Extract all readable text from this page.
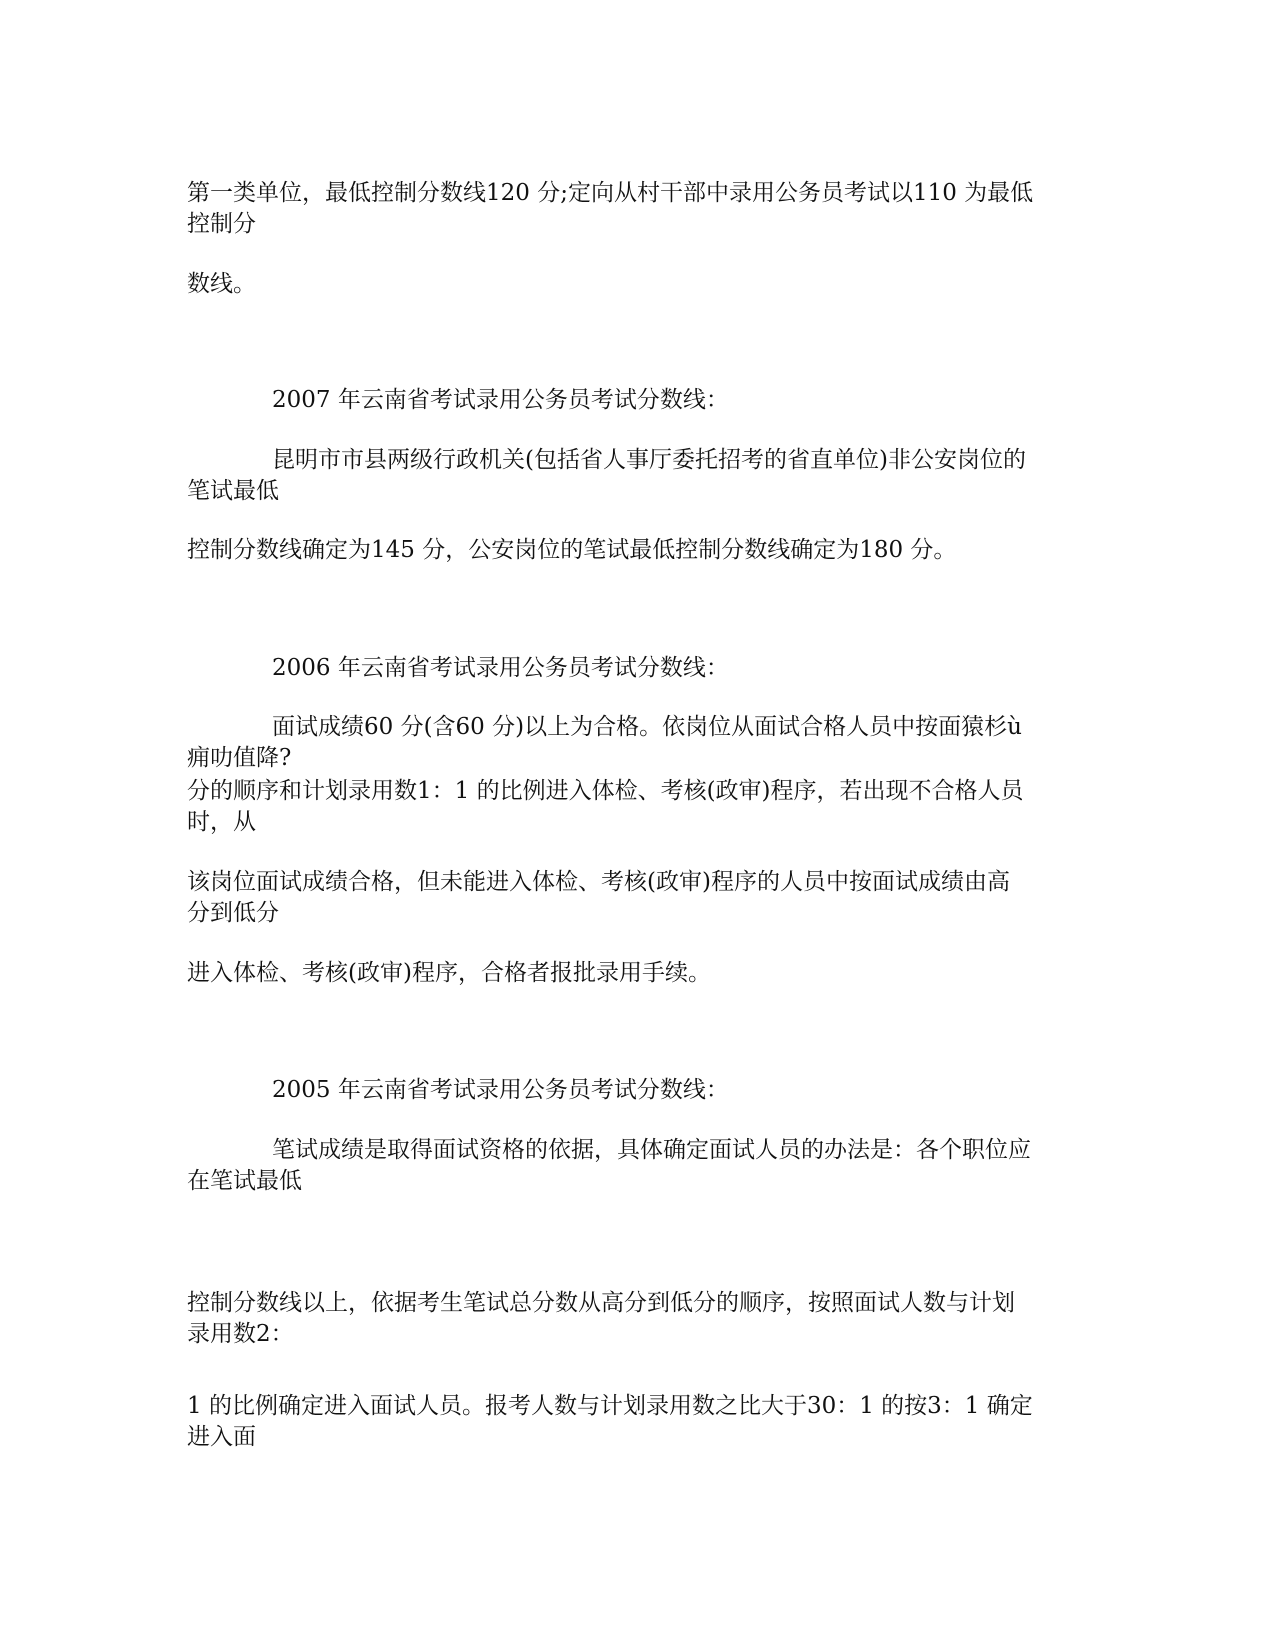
第一类单位，最低控制分数线120 分;定向从村干部中录用公务员考试以110 为最低

控制分

数线。

2007 年云南省考试录用公务员考试分数线：

昆明市市县两级行政机关(包括省人事厅委托招考的省直单位)非公安岗位的

笔试最低

控制分数线确定为145 分，公安岗位的笔试最低控制分数线确定为180 分。

2006 年云南省考试录用公务员考试分数线：

面试成绩60 分(含60 分)以上为合格。依岗位从面试合格人员中按面猿杉ù

痈叻值降?

分的顺序和计划录用数1：1 的比例进入体检、考核(政审)程序，若出现不合格人员

时，从

该岗位面试成绩合格，但未能进入体检、考核(政审)程序的人员中按面试成绩由高

分到低分

进入体检、考核(政审)程序，合格者报批录用手续。

2005 年云南省考试录用公务员考试分数线：

笔试成绩是取得面试资格的依据，具体确定面试人员的办法是：各个职位应

在笔试最低

控制分数线以上，依据考生笔试总分数从高分到低分的顺序，按照面试人数与计划

录用数2：

1 的比例确定进入面试人员。报考人数与计划录用数之比大于30：1 的按3：1 确定

进入面
